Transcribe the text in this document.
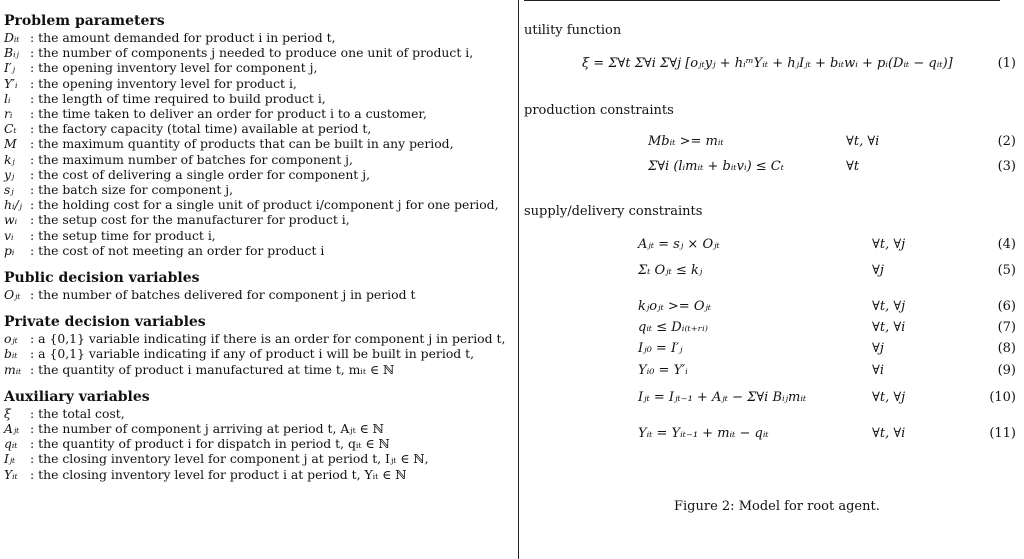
Problem parameters

Dᵢₜ : the amount demanded for product i in period t,
Bᵢⱼ : the number of components j needed to produce one unit of product i,
I′ⱼ	: the opening inventory level for component j,
Y′ᵢ	: the opening inventory level for product i,
lᵢ	: the length of time required to build product i,
rᵢ	: the time taken to deliver an order for product i to a customer,
Cₜ	: the factory capacity (total time) available at period t,
M	: the maximum quantity of products that can be built in any period,
kⱼ	: the maximum number of batches for component j,
yⱼ	: the cost of delivering a single order for component j,
sⱼ	: the batch size for component j,
hᵢ/ⱼ : the holding cost for a single unit of product i/component j for one period,
wᵢ	: the setup cost for the manufacturer for product i,
vᵢ	: the setup time for product i,
pᵢ	: the cost of not meeting an order for product i

Public decision variables

Oⱼₜ : the number of batches delivered for component j in period t

Private decision variables

oⱼₜ : a {0,1} variable indicating if there is an order for component j in period t,
bᵢₜ	: a {0,1} variable indicating if any of product i will be built in period t,
mᵢₜ : the quantity of product i manufactured at time t, mᵢₜ ∈ ℕ

Auxiliary variables

ξ	: the total cost,
Aⱼₜ : the number of component j arriving at period t, Aⱼₜ ∈ ℕ
qᵢₜ	: the quantity of product i for dispatch in period t, qᵢₜ ∈ ℕ
Iⱼₜ	: the closing inventory level for component j at period t, Iⱼₜ ∈ ℕ,
Yᵢₜ : the closing inventory level for product i at period t, Yᵢₜ ∈ ℕ
utility function
ξ = Σ∀t Σ∀i Σ∀j [oⱼₜyⱼ + hᵢᵐYᵢₜ + hⱼIⱼₜ + bᵢₜwᵢ + pᵢ(Dᵢₜ − qᵢₜ)]	(1)
production constraints
Mbᵢₜ >= mᵢₜ	∀t, ∀i	(2)
Σ∀i (lᵢmᵢₜ + bᵢₜvᵢ) ≤ Cₜ	∀t	(3)
supply/delivery constraints
Aⱼₜ = sⱼ × Oⱼₜ	∀t, ∀j	(4)
Σₜ Oⱼₜ ≤ kⱼ	∀j	(5)
kⱼoⱼₜ >= Oⱼₜ	∀t, ∀j	(6)
qᵢₜ ≤ Dᵢ₍ₜ₊ᵣᵢ₎	∀t, ∀i	(7)
Iⱼ₀ = I′ⱼ	∀j	(8)
Yᵢ₀ = Y′ᵢ	∀i	(9)
Iⱼₜ = Iⱼₜ₋₁ + Aⱼₜ − Σ∀i Bᵢⱼmᵢₜ	∀t, ∀j	(10)
Yᵢₜ = Yᵢₜ₋₁ + mᵢₜ − qᵢₜ	∀t, ∀i	(11)
Figure 2: Model for root agent.
